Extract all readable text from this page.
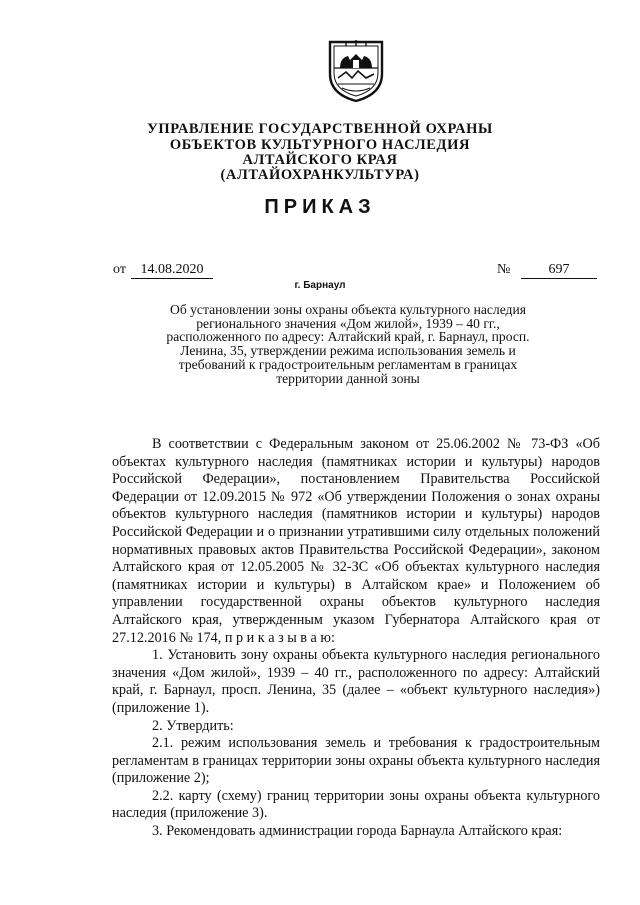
УПРАВЛЕНИЕ ГОСУДАРСТВЕННОЙ ОХРАНЫ
ОБЪЕКТОВ КУЛЬТУРНОГО НАСЛЕДИЯ
АЛТАЙСКОГО КРАЯ
(АЛТАЙОХРАНКУЛЬТУРА)
ПРИКАЗ
от	14.08.2020	№	697
г. Барнаул
Об установлении зоны охраны объекта культурного наследия регионального значения «Дом жилой», 1939 – 40 гг., расположенного по адресу: Алтайский край, г. Барнаул, просп. Ленина, 35, утверждении режима использования земель и требований к градостроительным регламентам в границах территории данной зоны

В соответствии с Федеральным законом от 25.06.2002 № 73-ФЗ «Об объектах культурного наследия (памятниках истории и культуры) народов Российской Федерации», постановлением Правительства Российской Федерации от 12.09.2015 № 972 «Об утверждении Положения о зонах охраны объектов культурного наследия (памятников истории и культуры) народов Российской Федерации и о признании утратившими силу отдельных положений нормативных правовых актов Правительства Российской Федерации», законом Алтайского края от 12.05.2005 № 32-ЗС «Об объектах культурного наследия (памятниках истории и культуры) в Алтайском крае» и Положением об управлении государственной охраны объектов культурного наследия Алтайского края, утвержденным указом Губернатора Алтайского края от 27.12.2016 № 174, п р и к а з ы в а ю:

1. Установить зону охраны объекта культурного наследия регионального значения «Дом жилой», 1939 – 40 гг., расположенного по адресу: Алтайский край, г. Барнаул, просп. Ленина, 35 (далее – «объект культурного наследия») (приложение 1).

2. Утвердить:

2.1. режим использования земель и требования к градостроительным регламентам в границах территории зоны охраны объекта культурного наследия (приложение 2);

2.2. карту (схему) границ территории зоны охраны объекта культурного наследия (приложение 3).

3. Рекомендовать администрации города Барнаула Алтайского края:
